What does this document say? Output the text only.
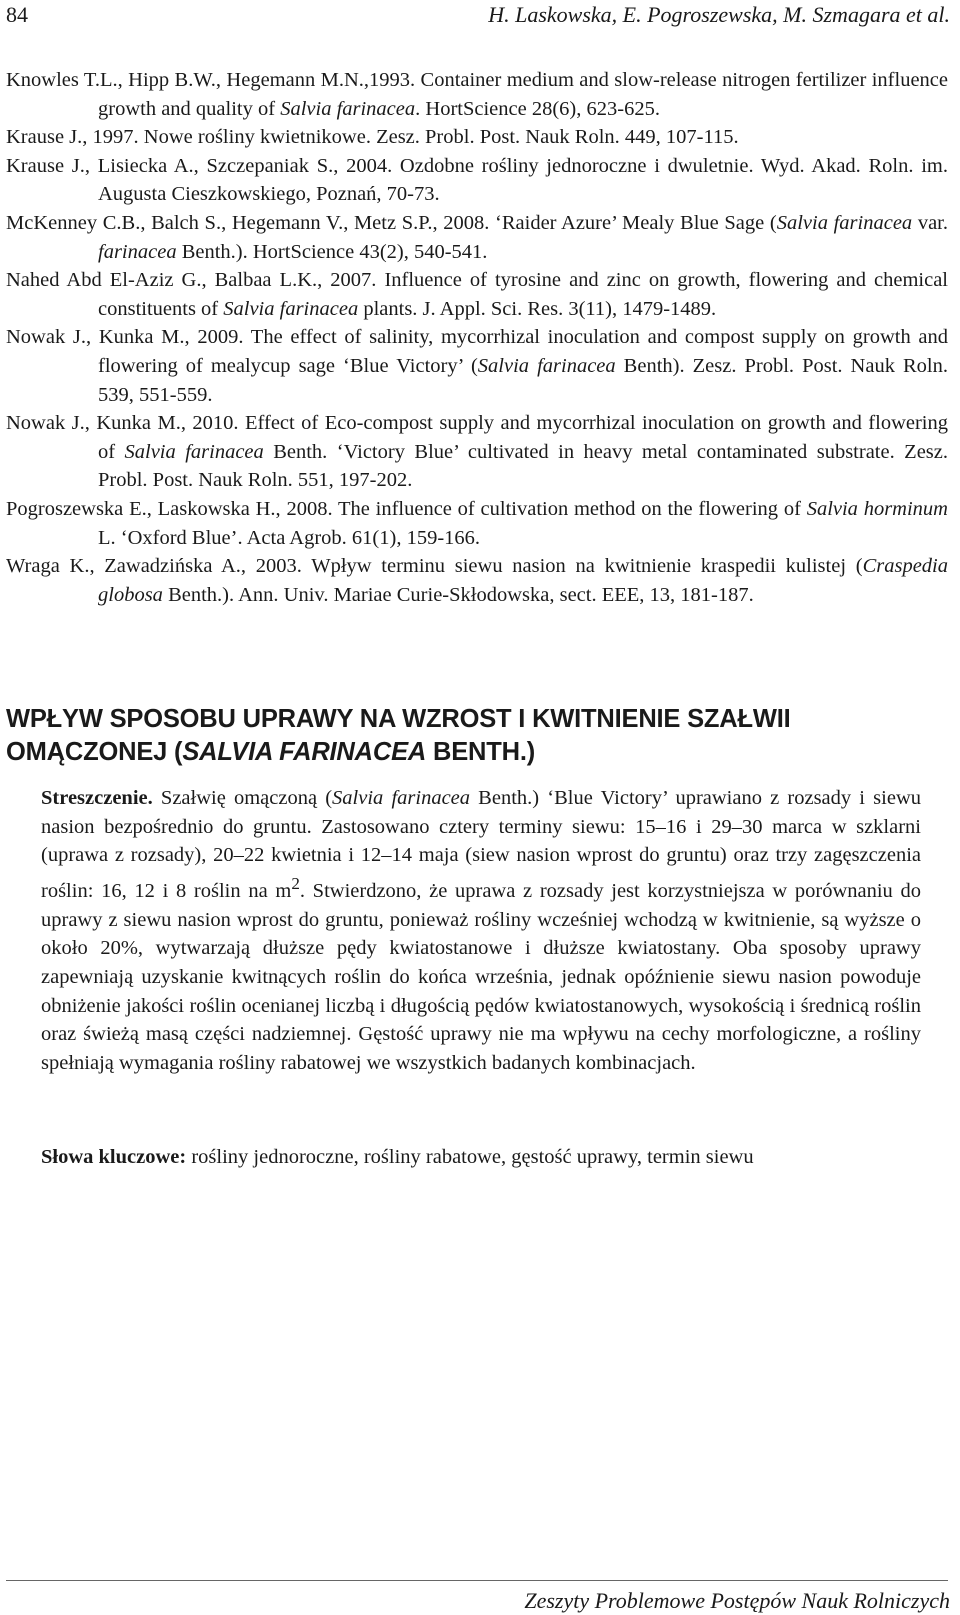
84	H. Laskowska, E. Pogroszewska, M. Szmagara et al.
Knowles T.L., Hipp B.W., Hegemann M.N.,1993. Container medium and slow-release nitrogen fertilizer influence growth and quality of Salvia farinacea. HortScience 28(6), 623-625.
Krause J., 1997. Nowe rośliny kwietnikowe. Zesz. Probl. Post. Nauk Roln. 449, 107-115.
Krause J., Lisiecka A., Szczepaniak S., 2004. Ozdobne rośliny jednoroczne i dwuletnie. Wyd. Akad. Roln. im. Augusta Cieszkowskiego, Poznań, 70-73.
McKenney C.B., Balch S., Hegemann V., Metz S.P., 2008. ‘Raider Azure’ Mealy Blue Sage (Salvia farinacea var. farinacea Benth.). HortScience 43(2), 540-541.
Nahed Abd El-Aziz G., Balbaa L.K., 2007. Influence of tyrosine and zinc on growth, flowering and chemical constituents of Salvia farinacea plants. J. Appl. Sci. Res. 3(11), 1479-1489.
Nowak J., Kunka M., 2009. The effect of salinity, mycorrhizal inoculation and compost supply on growth and flowering of mealycup sage ‘Blue Victory’ (Salvia farinacea Benth). Zesz. Probl. Post. Nauk Roln. 539, 551-559.
Nowak J., Kunka M., 2010. Effect of Eco-compost supply and mycorrhizal inoculation on growth and flowering of Salvia farinacea Benth. ‘Victory Blue’ cultivated in heavy metal contaminated substrate. Zesz. Probl. Post. Nauk Roln. 551, 197-202.
Pogroszewska E., Laskowska H., 2008. The influence of cultivation method on the flowering of Salvia horminum L. ‘Oxford Blue’. Acta Agrob. 61(1), 159-166.
Wraga K., Zawadzińska A., 2003. Wpływ terminu siewu nasion na kwitnienie kraspedii kulistej (Craspedia globosa Benth.). Ann. Univ. Mariae Curie-Skłodowska, sect. EEE, 13, 181-187.
WPŁYW SPOSOBU UPRAWY NA WZROST I KWITNIENIE SZAŁWII
OMĄCZONEJ (SALVIA FARINACEA BENTH.)
Streszczenie. Szałwię omączoną (Salvia farinacea Benth.) ‘Blue Victory’ uprawiano z rozsady i siewu nasion bezpośrednio do gruntu. Zastosowano cztery terminy siewu: 15–16 i 29–30 marca w szklarni (uprawa z rozsady), 20–22 kwietnia i 12–14 maja (siew nasion wprost do gruntu) oraz trzy zagęszczenia roślin: 16, 12 i 8 roślin na $m^2$. Stwierdzono, że uprawa z rozsady jest korzystniejsza w porównaniu do uprawy z siewu nasion wprost do gruntu, ponieważ rośliny wcześniej wchodzą w kwitnienie, są wyższe o około 20%, wytwarzają dłuższe pędy kwiatostanowe i dłuższe kwiatostany. Oba sposoby uprawy zapewniają uzyskanie kwitnących roślin do końca września, jednak opóźnienie siewu nasion powoduje obniżenie jakości roślin ocenianej liczbą i długością pędów kwiatostanowych, wysokością i średnicą roślin oraz świeżą masą części nadziemnej. Gęstość uprawy nie ma wpływu na cechy morfologiczne, a rośliny spełniają wymagania rośliny rabatowej we wszystkich badanych kombinacjach.
Słowa kluczowe: rośliny jednoroczne, rośliny rabatowe, gęstość uprawy, termin siewu
Zeszyty Problemowe Postępów Nauk Rolniczych
